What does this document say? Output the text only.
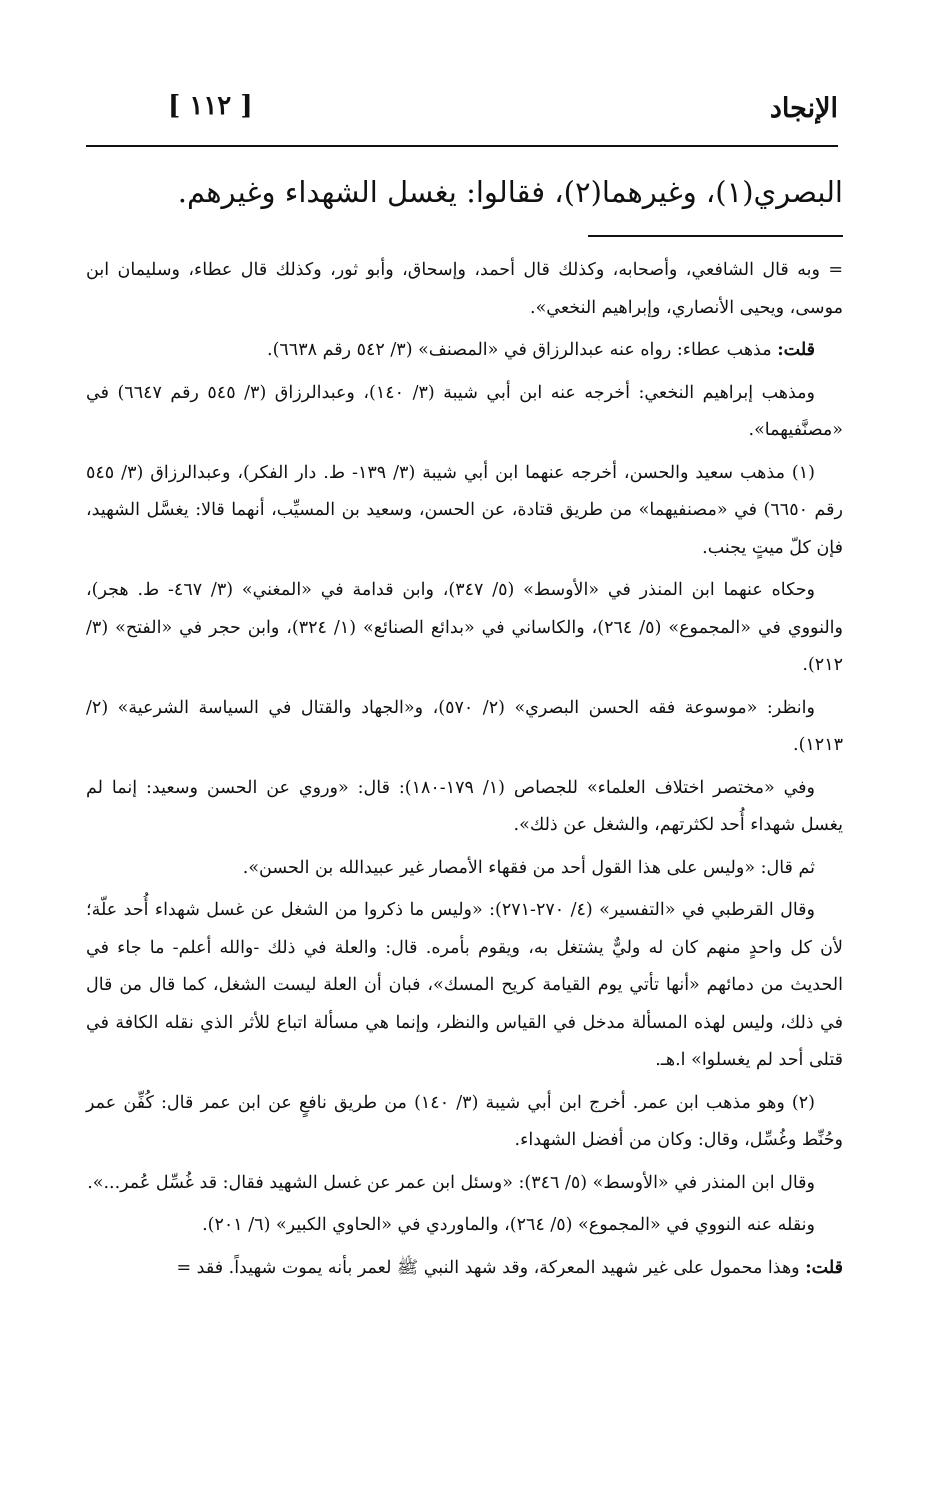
الإنجاد
[ ١١٢ ]
البصري(١)، وغيرهما(٢)، فقالوا: يغسل الشهداء وغيرهم.

= وبه قال الشافعي، وأصحابه، وكذلك قال أحمد، وإسحاق، وأبو ثور، وكذلك قال عطاء، وسليمان ابن موسى، ويحيى الأنصاري، وإبراهيم النخعي».

قلت: مذهب عطاء: رواه عنه عبدالرزاق في «المصنف» (٣/ ٥٤٢ رقم ٦٦٣٨).

ومذهب إبراهيم النخعي: أخرجه عنه ابن أبي شيبة (٣/ ١٤٠)، وعبدالرزاق (٣/ ٥٤٥ رقم ٦٦٤٧) في «مصنَّفيهما».

(١) مذهب سعيد والحسن، أخرجه عنهما ابن أبي شيبة (٣/ ١٣٩- ط. دار الفكر)، وعبدالرزاق (٣/ ٥٤٥ رقم ٦٦٥٠) في «مصنفيهما» من طريق قتادة، عن الحسن، وسعيد بن المسيِّب، أنهما قالا: يغسَّل الشهيد، فإن كلّ ميتٍ يجنب.

وحكاه عنهما ابن المنذر في «الأوسط» (٥/ ٣٤٧)، وابن قدامة في «المغني» (٣/ ٤٦٧- ط. هجر)، والنووي في «المجموع» (٥/ ٢٦٤)، والكاساني في «بدائع الصنائع» (١/ ٣٢٤)، وابن حجر في «الفتح» (٣/ ٢١٢).

وانظر: «موسوعة فقه الحسن البصري» (٢/ ٥٧٠)، و«الجهاد والقتال في السياسة الشرعية» (٢/ ١٢١٣).

وفي «مختصر اختلاف العلماء» للجصاص (١/ ١٧٩-١٨٠): قال: «وروي عن الحسن وسعيد: إنما لم يغسل شهداء أُحد لكثرتهم، والشغل عن ذلك».

ثم قال: «وليس على هذا القول أحد من فقهاء الأمصار غير عبيدالله بن الحسن».

وقال القرطبي في «التفسير» (٤/ ٢٧٠-٢٧١): «وليس ما ذكروا من الشغل عن غسل شهداء أُحد علّة؛ لأن كل واحدٍ منهم كان له وليٌّ يشتغل به، ويقوم بأمره. قال: والعلة في ذلك -والله أعلم- ما جاء في الحديث من دمائهم «أنها تأتي يوم القيامة كريح المسك»، فبان أن العلة ليست الشغل، كما قال من قال في ذلك، وليس لهذه المسألة مدخل في القياس والنظر، وإنما هي مسألة اتباع للأثر الذي نقله الكافة في قتلى أحد لم يغسلوا» ا.هـ.

(٢) وهو مذهب ابن عمر. أخرج ابن أبي شيبة (٣/ ١٤٠) من طريق نافعٍ عن ابن عمر قال: كُفِّن عمر وحُنِّط وغُسِّل، وقال: وكان من أفضل الشهداء.

وقال ابن المنذر في «الأوسط» (٥/ ٣٤٦): «وسئل ابن عمر عن غسل الشهيد فقال: قد غُسِّل عُمر...».

ونقله عنه النووي في «المجموع» (٥/ ٢٦٤)، والماوردي في «الحاوي الكبير» (٦/ ٢٠١).

قلت: وهذا محمول على غير شهيد المعركة، وقد شهد النبي ﷺ لعمر بأنه يموت شهيداً. فقد =
